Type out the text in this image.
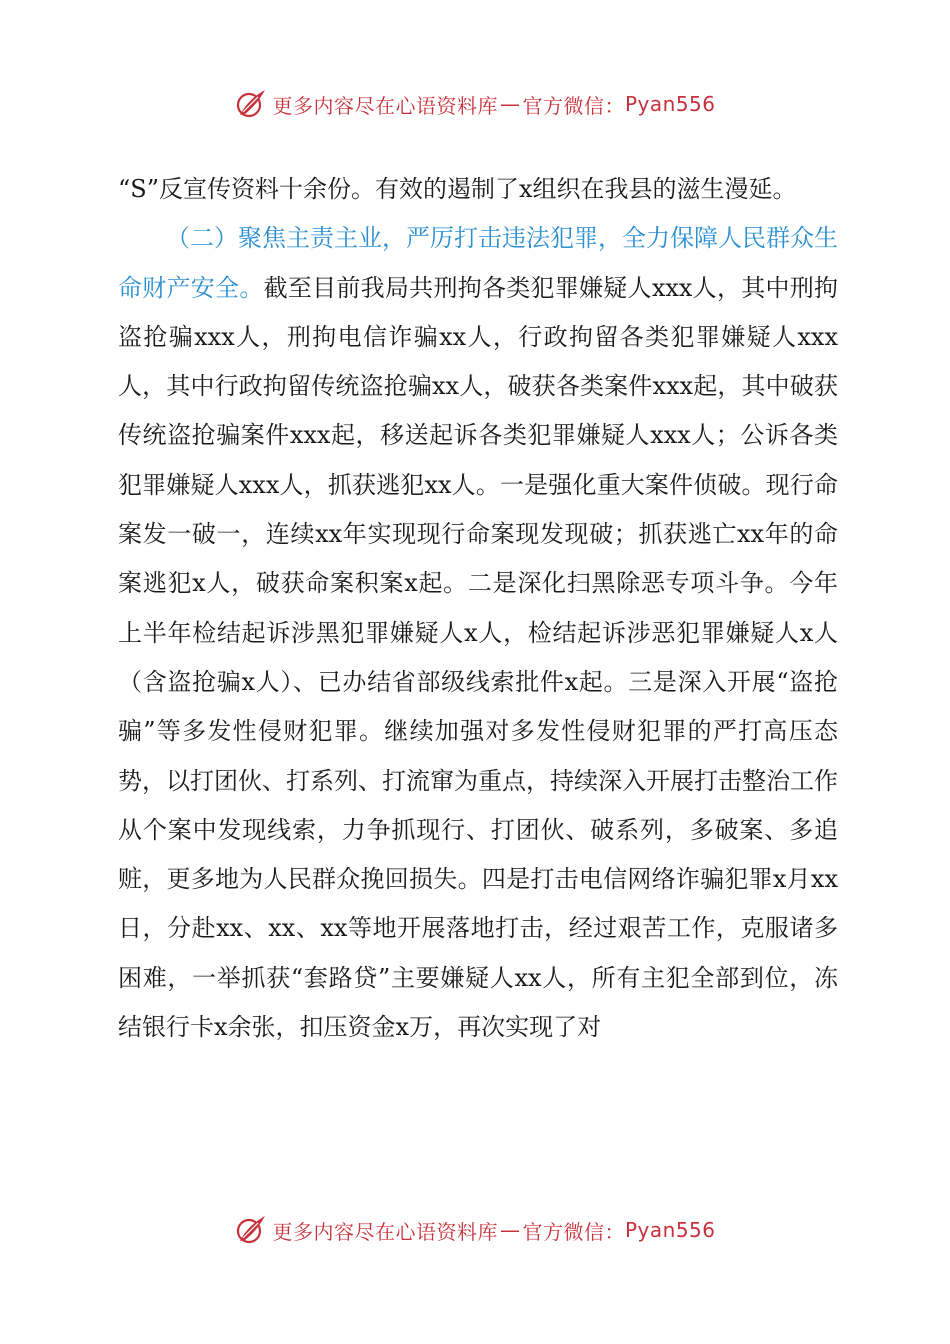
更多内容尽在心语资料库 — 官方微信： Pyan556

“S”反宣传资料十余份。有效的遏制了x组织在我县的滋生漫延。

（二）聚焦主责主业，严厉打击违法犯罪，全力保障人民群众生命财产安全。截至目前我局共刑拘各类犯罪嫌疑人xxx人，其中刑拘盗抢骗xxx人，刑拘电信诈骗xx人，行政拘留各类犯罪嫌疑人xxx人，其中行政拘留传统盗抢骗xx人，破获各类案件xxx起，其中破获传统盗抢骗案件xxx起，移送起诉各类犯罪嫌疑人xxx人；公诉各类犯罪嫌疑人xxx人，抓获逃犯xx人。一是强化重大案件侦破。现行命案发一破一，连续xx年实现现行命案现发现破；抓获逃亡xx年的命案逃犯x人，破获命案积案x起。二是深化扫黑除恶专项斗争。今年上半年检结起诉涉黑犯罪嫌疑人x人，检结起诉涉恶犯罪嫌疑人x人（含盗抢骗x人）、已办结省部级线索批件x起。三是深入开展“盗抢骗”等多发性侵财犯罪。继续加强对多发性侵财犯罪的严打高压态势，以打团伙、打系列、打流窜为重点，持续深入开展打击整治工作从个案中发现线索，力争抓现行、打团伙、破系列，多破案、多追赃，更多地为人民群众挽回损失。四是打击电信网络诈骗犯罪x月xx日，分赴xx、xx、xx等地开展落地打击，经过艰苦工作，克服诸多困难，一举抓获“套路贷”主要嫌疑人xx人，所有主犯全部到位，冻结银行卡x余张，扣压资金x万，再次实现了对

更多内容尽在心语资料库 — 官方微信： Pyan556
